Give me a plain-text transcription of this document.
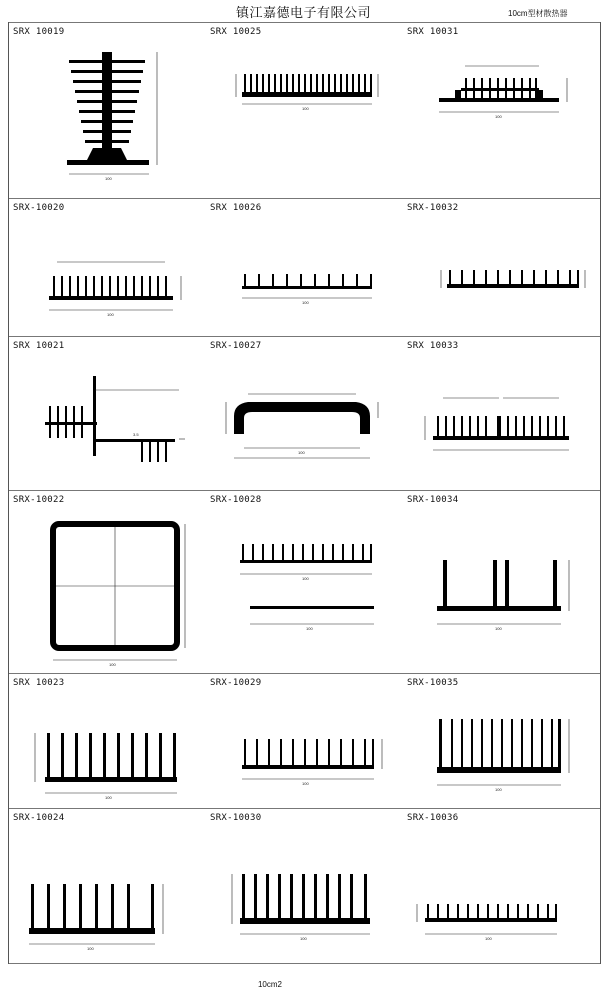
镇江嘉德电子有限公司	10cm型材散热器
SRX 10019
100
SRX 10025
100
SRX 10031
100
SRX-10020
100
SRX 10026
100
SRX-10032
SRX 10021
3.5
SRX-10027
100
SRX 10033
SRX-10022
100
SRX-10028
100
100
SRX-10034
100
SRX 10023
100
SRX-10029
100
SRX-10035
100
SRX-10024
100
SRX-10030
100
SRX-10036
100
10cm2
